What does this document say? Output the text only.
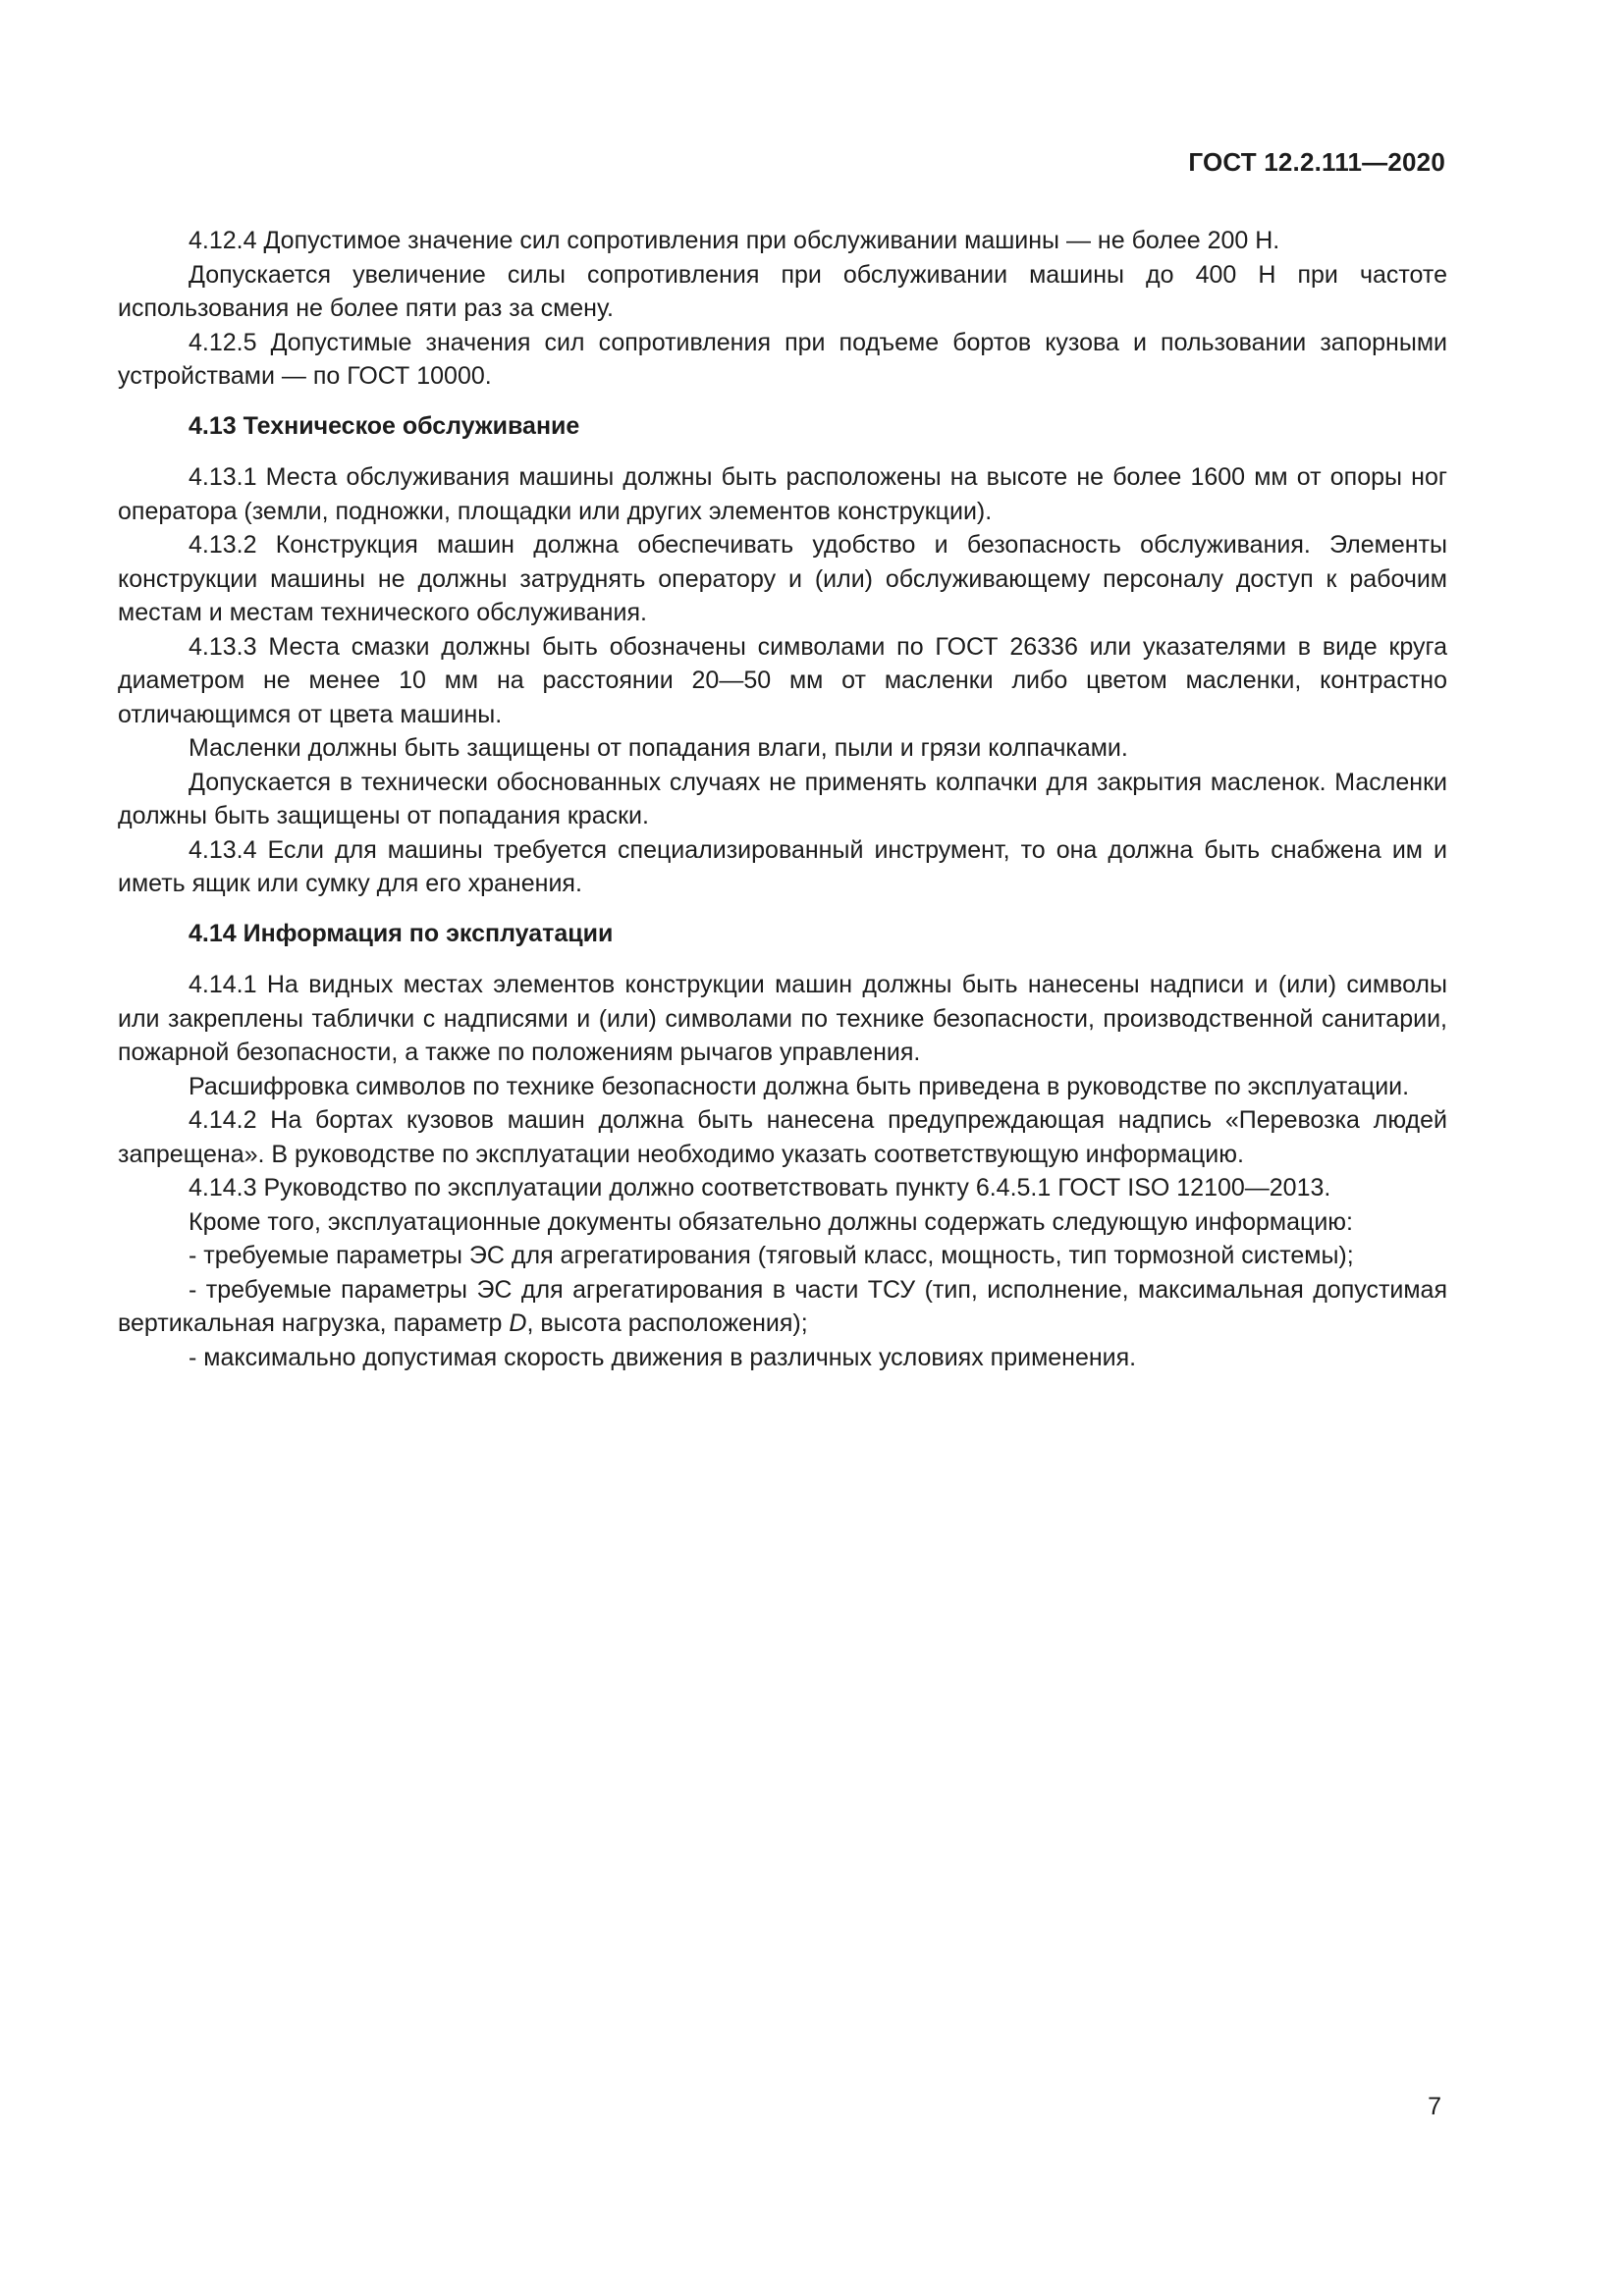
ГОСТ 12.2.111—2020

4.12.4 Допустимое значение сил сопротивления при обслуживании машины — не более 200 Н.

Допускается увеличение силы сопротивления при обслуживании машины до 400 Н при частоте использования не более пяти раз за смену.

4.12.5 Допустимые значения сил сопротивления при подъеме бортов кузова и пользовании запорными устройствами — по ГОСТ 10000.

4.13 Техническое обслуживание

4.13.1 Места обслуживания машины должны быть расположены на высоте не более 1600 мм от опоры ног оператора (земли, подножки, площадки или других элементов конструкции).

4.13.2 Конструкция машин должна обеспечивать удобство и безопасность обслуживания. Элементы конструкции машины не должны затруднять оператору и (или) обслуживающему персоналу доступ к рабочим местам и местам технического обслуживания.

4.13.3 Места смазки должны быть обозначены символами по ГОСТ 26336 или указателями в виде круга диаметром не менее 10 мм на расстоянии 20—50 мм от масленки либо цветом масленки, контрастно отличающимся от цвета машины.

Масленки должны быть защищены от попадания влаги, пыли и грязи колпачками.

Допускается в технически обоснованных случаях не применять колпачки для закрытия масленок. Масленки должны быть защищены от попадания краски.

4.13.4 Если для машины требуется специализированный инструмент, то она должна быть снабжена им и иметь ящик или сумку для его хранения.

4.14 Информация по эксплуатации

4.14.1 На видных местах элементов конструкции машин должны быть нанесены надписи и (или) символы или закреплены таблички с надписями и (или) символами по технике безопасности, производственной санитарии, пожарной безопасности, а также по положениям рычагов управления.

Расшифровка символов по технике безопасности должна быть приведена в руководстве по эксплуатации.

4.14.2 На бортах кузовов машин должна быть нанесена предупреждающая надпись «Перевозка людей запрещена». В руководстве по эксплуатации необходимо указать соответствующую информацию.

4.14.3 Руководство по эксплуатации должно соответствовать пункту 6.4.5.1 ГОСТ ISO 12100—2013.

Кроме того, эксплуатационные документы обязательно должны содержать следующую информацию:

- требуемые параметры ЭС для агрегатирования (тяговый класс, мощность, тип тормозной системы);

- требуемые параметры ЭС для агрегатирования в части ТСУ (тип, исполнение, максимальная допустимая вертикальная нагрузка, параметр D, высота расположения);

- максимально допустимая скорость движения в различных условиях применения.

7
